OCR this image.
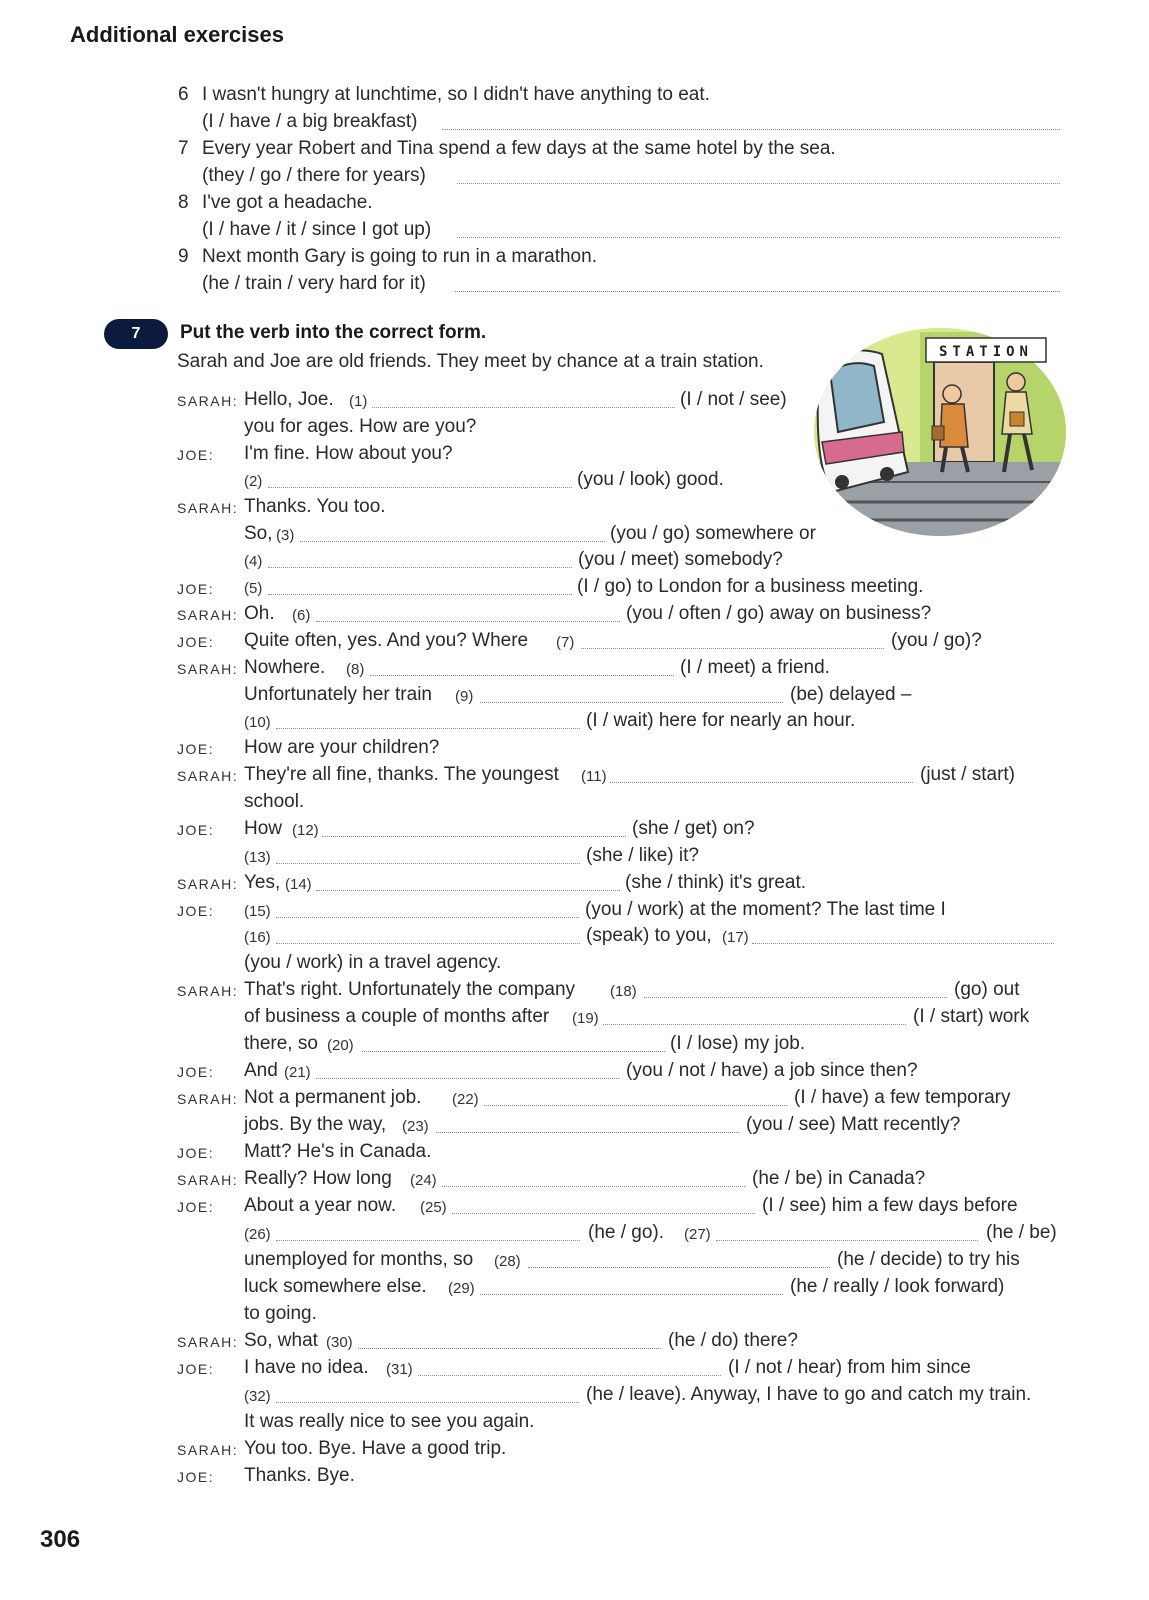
Additional exercises
6 I wasn't hungry at lunchtime, so I didn't have anything to eat.
(I / have / a big breakfast)
7 Every year Robert and Tina spend a few days at the same hotel by the sea.
(they / go / there for years)
8 I've got a headache.
(I / have / it / since I got up)
9 Next month Gary is going to run in a marathon.
(he / train / very hard for it)
7	Put the verb into the correct form.
Sarah and Joe are old friends. They meet by chance at a train station.	STATION
SARAH: Hello, Joe. (1)	(I / not / see)
you for ages. How are you?
JOE: I'm fine. How about you?
(2)	(you / look) good.
SARAH: Thanks. You too.
So, (3)	(you / go) somewhere or
(4)	(you / meet) somebody?
JOE: (5)	(I / go) to London for a business meeting.
SARAH: Oh. (6)	(you / often / go) away on business?
JOE: Quite often, yes. And you? Where (7)	(you / go)?
SARAH: Nowhere. (8)	(I / meet) a friend.
Unfortunately her train (9)	(be) delayed –
(10)	(I / wait) here for nearly an hour.
JOE: How are your children?
SARAH: They're all fine, thanks. The youngest (11)	(just / start)
school.
JOE: How (12)	(she / get) on?
(13)	(she / like) it?
SARAH: Yes, (14)	(she / think) it's great.
JOE: (15)	(you / work) at the moment? The last time I
(16)	(speak) to you, (17)
(you / work) in a travel agency.
SARAH: That's right. Unfortunately the company (18)	(go) out
of business a couple of months after (19)	(I / start) work
there, so (20)	(I / lose) my job.
JOE: And (21)	(you / not / have) a job since then?
SARAH: Not a permanent job. (22)	(I / have) a few temporary
jobs. By the way, (23)	(you / see) Matt recently?
JOE: Matt? He's in Canada.
SARAH: Really? How long (24)	(he / be) in Canada?
JOE: About a year now. (25)	(I / see) him a few days before
(26)	(he / go). (27)	(he / be)
unemployed for months, so (28)	(he / decide) to try his
luck somewhere else. (29)	(he / really / look forward)
to going.
SARAH: So, what (30)	(he / do) there?
JOE: I have no idea. (31)	(I / not / hear) from him since
(32)	(he / leave). Anyway, I have to go and catch my train.
It was really nice to see you again.
SARAH: You too. Bye. Have a good trip.
JOE: Thanks. Bye.
306
